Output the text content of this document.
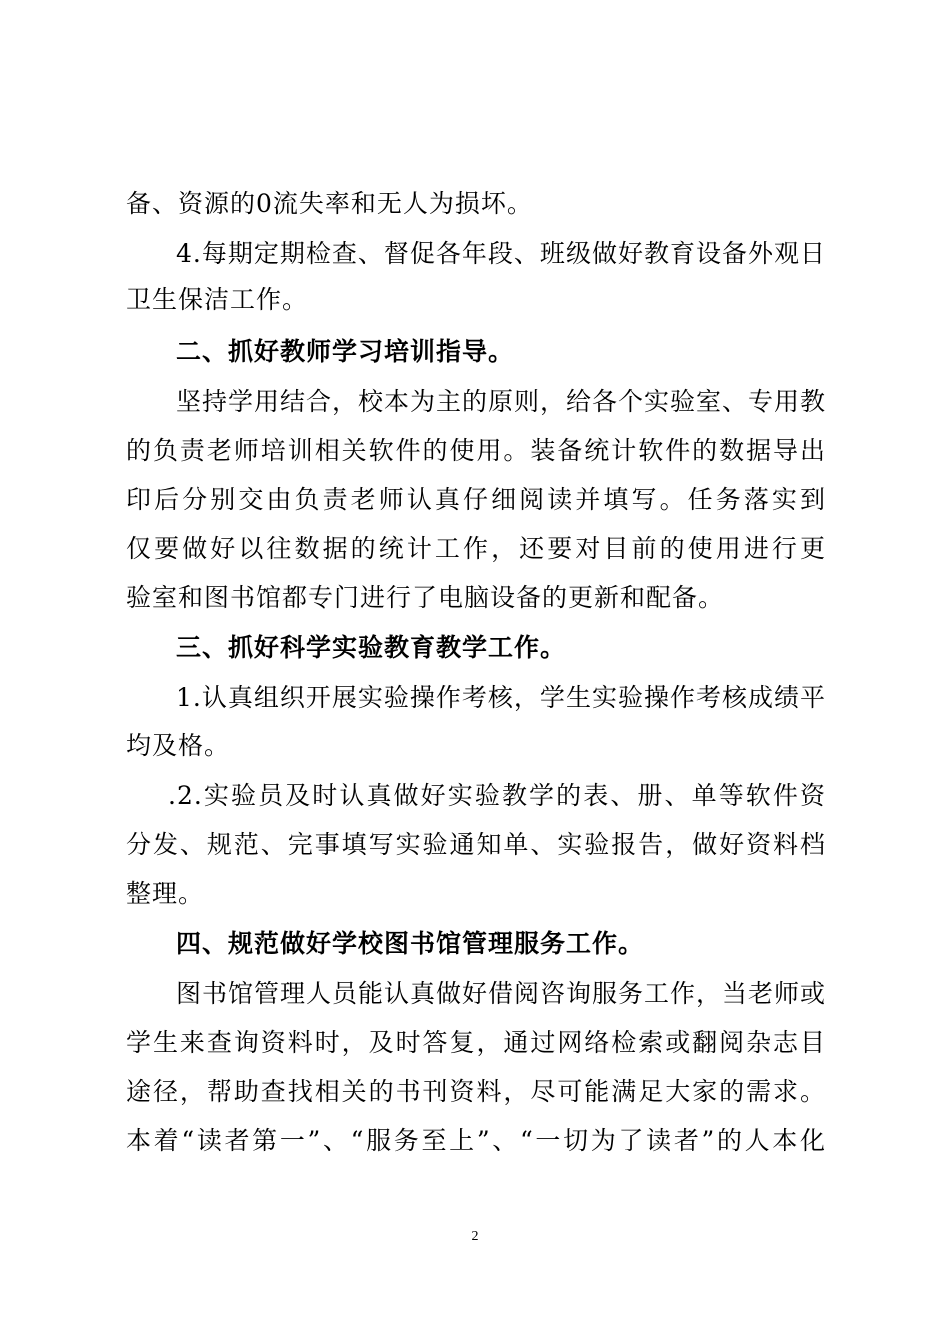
备、资源的0流失率和无人为损坏。
4.每期定期检查、督促各年段、班级做好教育设备外观日
卫生保洁工作。
二、抓好教师学习培训指导。
坚持学用结合，校本为主的原则，给各个实验室、专用教
的负责老师培训相关软件的使用。装备统计软件的数据导出
印后分别交由负责老师认真仔细阅读并填写。任务落实到
仅要做好以往数据的统计工作，还要对目前的使用进行更
验室和图书馆都专门进行了电脑设备的更新和配备。
三、抓好科学实验教育教学工作。
1.认真组织开展实验操作考核，学生实验操作考核成绩平
均及格。
.2.实验员及时认真做好实验教学的表、册、单等软件资
分发、规范、完事填写实验通知单、实验报告，做好资料档
整理。
四、规范做好学校图书馆管理服务工作。
图书馆管理人员能认真做好借阅咨询服务工作，当老师或
学生来查询资料时，及时答复，通过网络检索或翻阅杂志目
途径，帮助查找相关的书刊资料，尽可能满足大家的需求。
本着“读者第一”、“服务至上”、“一切为了读者”的人本化
2
